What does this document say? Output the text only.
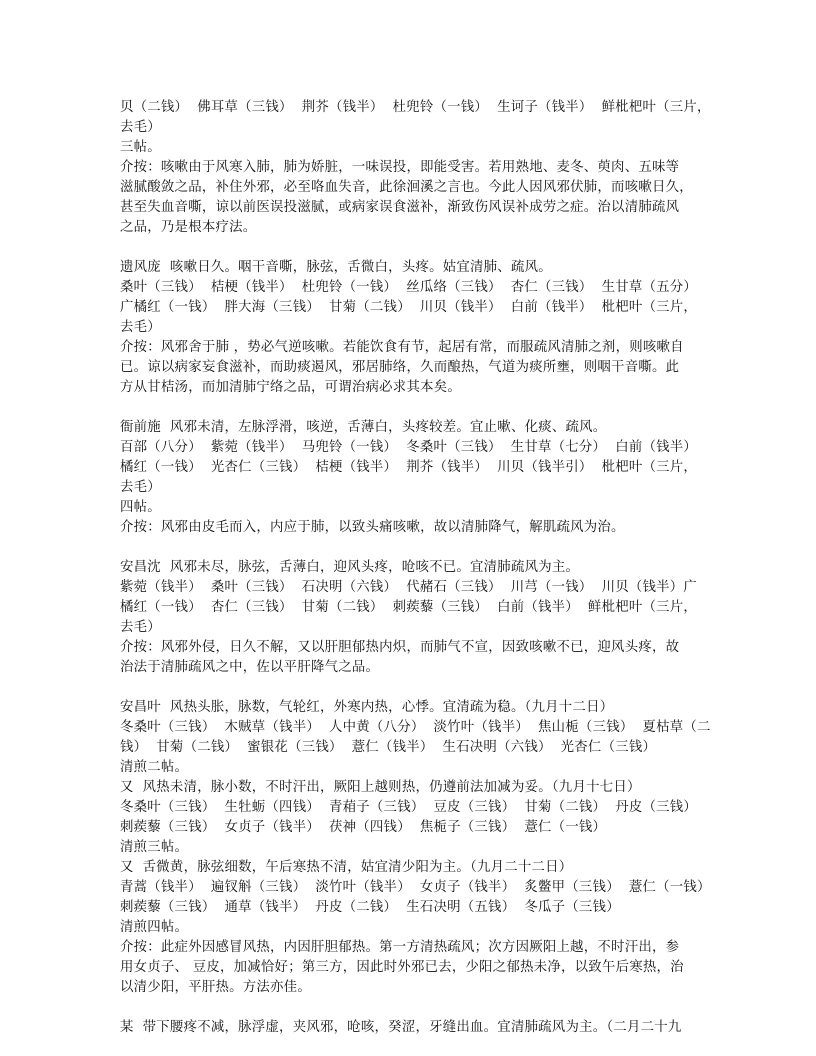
贝（二钱）  佛耳草（三钱）  荆芥（钱半）  杜兜铃（一钱）  生诃子（钱半）  鲜枇杷叶（三片，
去毛）
三帖。
介按：咳嗽由于风寒入肺，肺为娇脏，一味误投，即能受害。若用熟地、麦冬、萸肉、五味等
滋腻酸敛之品，补住外邪，必至咯血失音，此徐洄溪之言也。今此人因风邪伏肺，而咳嗽日久，
甚至失血音嘶，谅以前医误投滋腻，或病家误食滋补，渐致伤风误补成劳之症。治以清肺疏风
之品，乃是根本疗法。
遗风庞  咳嗽日久。咽干音嘶，脉弦，舌微白，头疼。姑宜清肺、疏风。
桑叶（三钱）  桔梗（钱半）  杜兜铃（一钱）  丝瓜络（三钱）  杏仁（三钱）  生甘草（五分）
广橘红（一钱）  胖大海（三钱）  甘菊（二钱）  川贝（钱半）  白前（钱半）  枇杷叶（三片，
去毛）
介按：风邪舍于肺 ，势必气逆咳嗽。若能饮食有节，起居有常，而服疏风清肺之剂，则咳嗽自
已。谅以病家妄食滋补，而助痰遏风，邪居肺络，久而酿热，气道为痰所壅，则咽干音嘶。此
方从甘桔汤，而加清肺宁络之品，可谓治病必求其本矣。
衙前施  风邪未清，左脉浮滑，咳逆，舌薄白，头疼较差。宜止嗽、化痰、疏风。
百部（八分）  紫菀（钱半）  马兜铃（一钱）  冬桑叶（三钱）  生甘草（七分）  白前（钱半）
橘红（一钱）  光杏仁（三钱）  桔梗（钱半）  荆芥（钱半）  川贝（钱半引）  枇杷叶（三片，
去毛）
四帖。
介按：风邪由皮毛而入，内应于肺，以致头痛咳嗽，故以清肺降气，解肌疏风为治。
安昌沈  风邪未尽，脉弦，舌薄白，迎风头疼，呛咳不已。宜清肺疏风为主。
紫菀（钱半）  桑叶（三钱）  石决明（六钱）  代赭石（三钱）  川芎（一钱）  川贝（钱半）广
橘红（一钱）  杏仁（三钱）  甘菊（二钱）  刺蒺藜（三钱）  白前（钱半）  鲜枇杷叶（三片，
去毛）
介按：风邪外侵，日久不解，又以肝胆郁热内炽，而肺气不宣，因致咳嗽不已，迎风头疼，故
治法于清肺疏风之中，佐以平肝降气之品。
安昌叶  风热头胀，脉数，气轮红，外寒内热，心悸。宜清疏为稳。（九月十二日）
冬桑叶（三钱）  木贼草（钱半）  人中黄（八分）  淡竹叶（钱半）  焦山栀（三钱）  夏枯草（二
钱）  甘菊（二钱）  蜜银花（三钱）  薏仁（钱半）  生石决明（六钱）  光杏仁（三钱）
清煎二帖。
又  风热未清，脉小数，不时汗出，厥阳上越则热，仍遵前法加减为妥。（九月十七日）
冬桑叶（三钱）  生牡蛎（四钱）  青葙子（三钱）  豆皮（三钱）  甘菊（二钱）  丹皮（三钱）
刺蒺藜（三钱）  女贞子（钱半）  茯神（四钱）  焦栀子（三钱）  薏仁（一钱）
清煎三帖。
又  舌微黄，脉弦细数，午后寒热不清，姑宜清少阳为主。（九月二十二日）
青蒿（钱半）  遍钗斛（三钱）  淡竹叶（钱半）  女贞子（钱半）  炙鳖甲（三钱）  薏仁（一钱）
刺蒺藜（三钱）  通草（钱半）  丹皮（二钱）  生石决明（五钱）  冬瓜子（三钱）
清煎四帖。
介按：此症外因感冒风热，内因肝胆郁热。第一方清热疏风；次方因厥阳上越，不时汗出，参
用女贞子、 豆皮，加减恰好；第三方，因此时外邪已去，少阳之郁热未净，以致午后寒热，治
以清少阳，平肝热。方法亦佳。
某  带下腰疼不减，脉浮虚，夹风邪，呛咳，癸涩，牙缝出血。宜清肺疏风为主。（二月二十九
